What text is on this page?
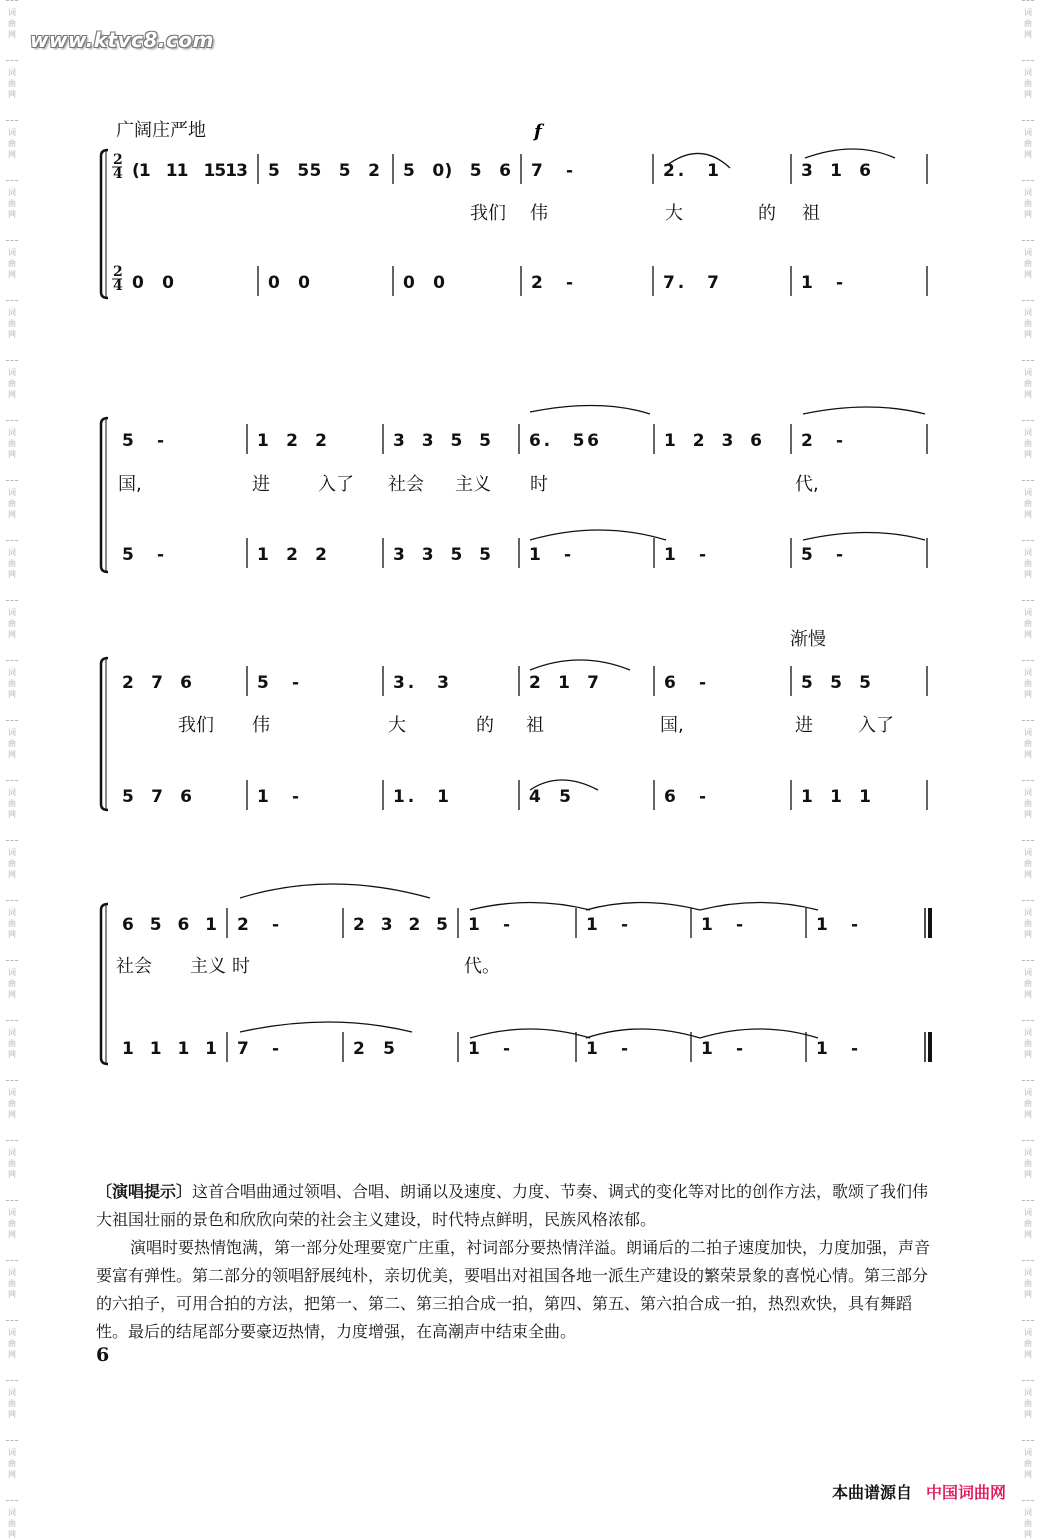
词
曲
网
词
曲
网
词
曲
网
词
曲
网
词
曲
网
词
曲
网
词
曲
网
词
曲
网
词
曲
网
词
曲
网
词
曲
网
词
曲
网
词
曲
网
词
曲
网
词
曲
网
词
曲
网
词
曲
网
词
曲
网
词
曲
网
词
曲
网
词
曲
网
词
曲
网
词
曲
网
词
曲
网
词
曲
网
词
曲
网
词
曲
网
词
曲
网
词
曲
网
词
曲
网
词
曲
网
词
曲
网
词
曲
网
词
曲
网
词
曲
网
词
曲
网
词
曲
网
词
曲
网
词
曲
网
词
曲
网
词
曲
网
词
曲
网
词
曲
网
词
曲
网
词
曲
网
词
曲
网
词
曲
网
词
曲
网
词
曲
网
词
曲
网
词
曲
网
词
曲
网
www.ktvc8.com
广阔庄严地	f
渐慢
2
4
2
4
(1 11 1513 5 55 5 2 5 0) 5 6 7 -	2. 1	3 1 6
0 0	0 0	0 0	2 -	7. 7	1 -
5 -	1 2 2	3 3 5 5 6. 56	1 2 3 6 2 -
5 -	1 2 2	3 3 5 5 1 -	1 -	5 -
2 7 6	5 -	3. 3	2 1 7	6 -	5 5 5
5 7 6	1 -	1. 1	4 5	6 -	1 1 1
6 5 6 1 2 -	2 3 2 5 1 -	1 -	1 -	1 -
1 1 1 1 7 -	2 5	1 -	1 -	1 -	1 -
我们 伟	大	的 祖
国,	进	入了 社会 主义 时	代,
我们 伟	大	的 祖	国,	进	入了
社会 主义 时	代。

〔演唱提示〕这首合唱曲通过领唱、合唱、朗诵以及速度、力度、节奏、调式的变化等对比的创作方法，歌颂了我们伟大祖国壮丽的景色和欣欣向荣的社会主义建设，时代特点鲜明，民族风格浓郁。

演唱时要热情饱满，第一部分处理要宽广庄重，衬词部分要热情洋溢。朗诵后的二拍子速度加快，力度加强，声音要富有弹性。第二部分的领唱舒展纯朴，亲切优美，要唱出对祖国各地一派生产建设的繁荣景象的喜悦心情。第三部分的六拍子，可用合拍的方法，把第一、第二、第三拍合成一拍，第四、第五、第六拍合成一拍，热烈欢快，具有舞蹈性。最后的结尾部分要豪迈热情，力度增强，在高潮声中结束全曲。

6
本曲谱源自 中国词曲网
